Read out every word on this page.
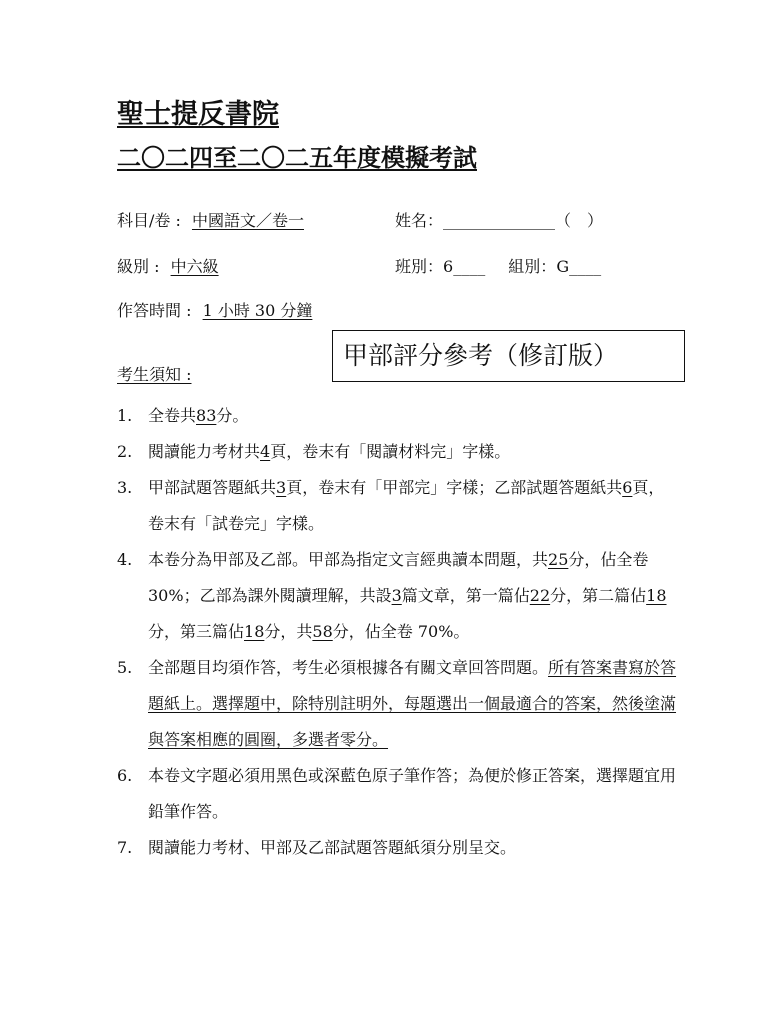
聖士提反書院
二〇二四至二〇二五年度模擬考試
科目/卷 : 中國語文／卷一	姓名：______________（　）
級別 : 中六級	班別：6____ 組別：G____
作答時間 : 1 小時 30 分鐘
甲部評分參考（修訂版）
考生須知 :
1. 全卷共83分。
2. 閱讀能力考材共4頁，卷末有「閱讀材料完」字樣。
3. 甲部試題答題紙共3頁，卷末有「甲部完」字樣；乙部試題答題紙共6頁，卷末有「試卷完」字樣。
4. 本卷分為甲部及乙部。甲部為指定文言經典讀本問題，共25分，佔全卷 30%；乙部為課外閱讀理解，共設3篇文章，第一篇佔22分，第二篇佔18分，第三篇佔18分，共58分，佔全卷 70%。
5. 全部題目均須作答，考生必須根據各有關文章回答問題。所有答案書寫於答題紙上。選擇題中，除特別註明外，每題選出一個最適合的答案，然後塗滿與答案相應的圓圈，多選者零分。
6. 本卷文字題必須用黑色或深藍色原子筆作答；為便於修正答案，選擇題宜用鉛筆作答。
7. 閱讀能力考材、甲部及乙部試題答題紙須分別呈交。
